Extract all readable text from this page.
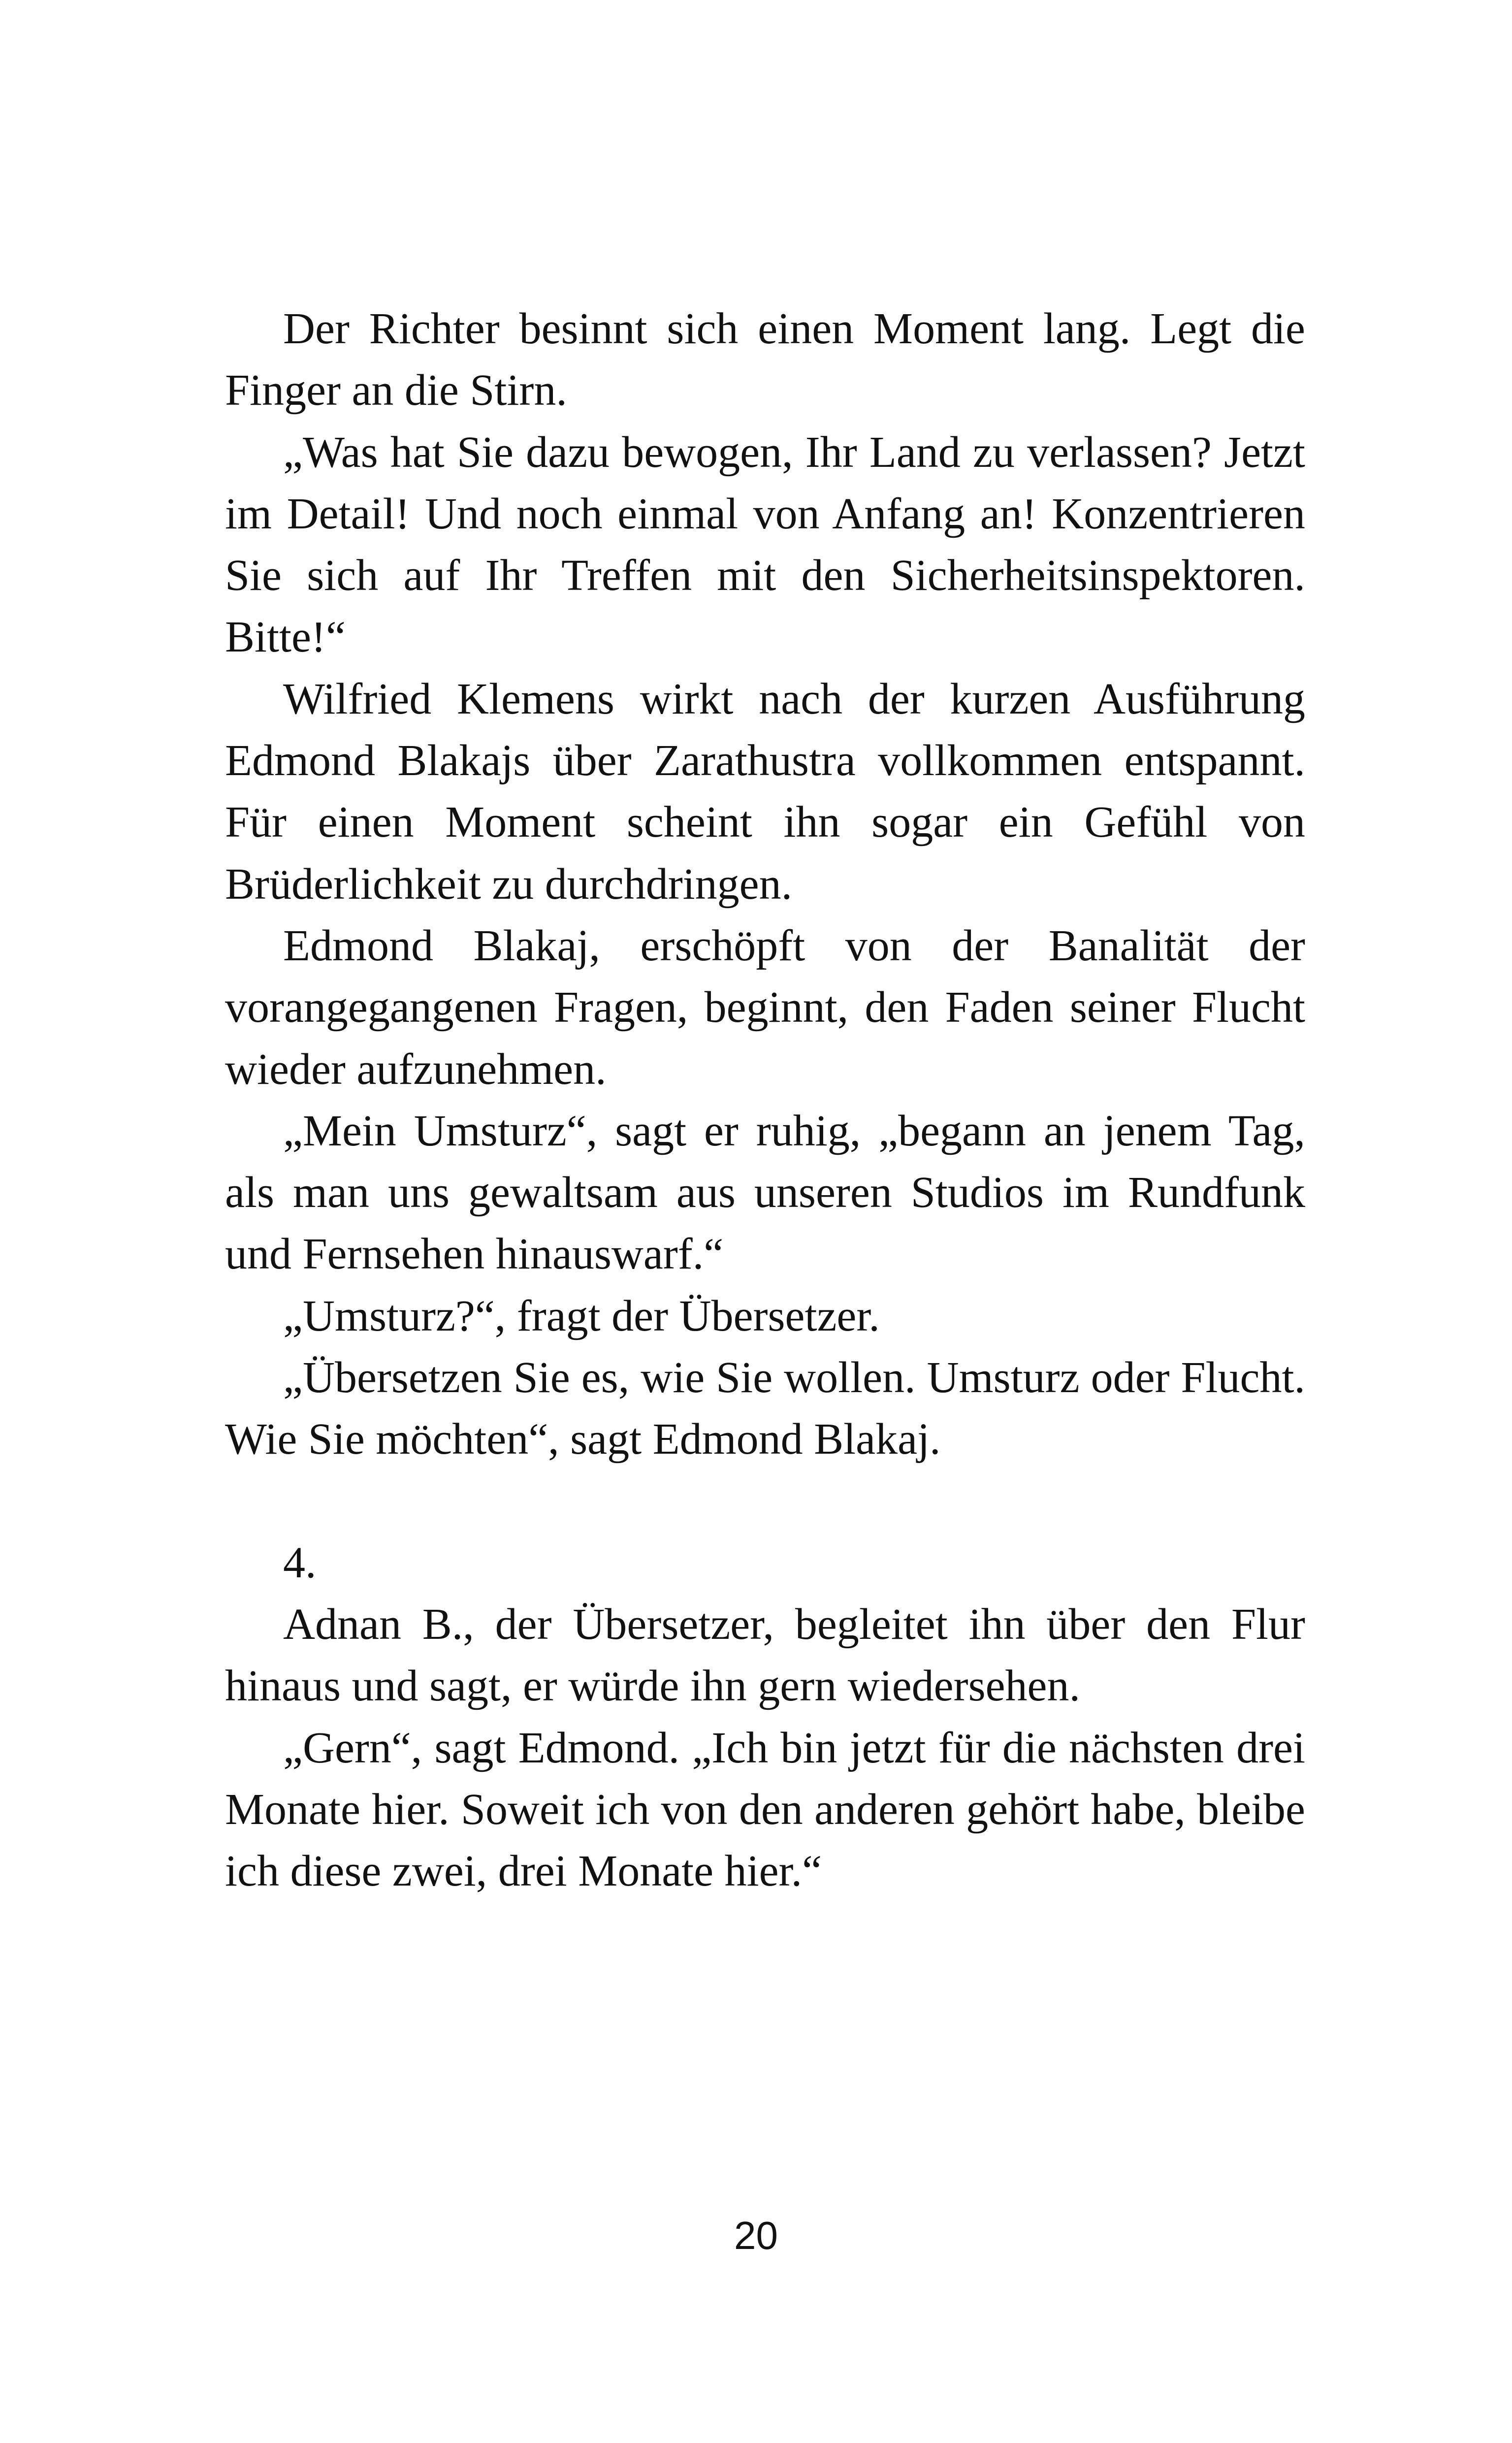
Der Richter besinnt sich einen Moment lang. Legt die Finger an die Stirn.

„Was hat Sie dazu bewogen, Ihr Land zu verlassen? Jetzt im Detail! Und noch einmal von Anfang an! Konzentrieren Sie sich auf Ihr Treffen mit den Sicherheitsinspektoren. Bitte!“

Wilfried Klemens wirkt nach der kurzen Ausführung Edmond Blakajs über Zarathustra vollkommen entspannt. Für einen Moment scheint ihn sogar ein Gefühl von Brüderlichkeit zu durchdringen.

Edmond Blakaj, erschöpft von der Banalität der vorangegangenen Fragen, beginnt, den Faden seiner Flucht wieder aufzunehmen.

„Mein Umsturz“, sagt er ruhig, „begann an jenem Tag, als man uns gewaltsam aus unseren Studios im Rundfunk und Fernsehen hinauswarf.“

„Umsturz?“, fragt der Übersetzer.

„Übersetzen Sie es, wie Sie wollen. Umsturz oder Flucht. Wie Sie möchten“, sagt Edmond Blakaj.

4.

Adnan B., der Übersetzer, begleitet ihn über den Flur hinaus und sagt, er würde ihn gern wiedersehen.

„Gern“, sagt Edmond. „Ich bin jetzt für die nächsten drei Monate hier. Soweit ich von den anderen gehört habe, bleibe ich diese zwei, drei Monate hier.“

20
